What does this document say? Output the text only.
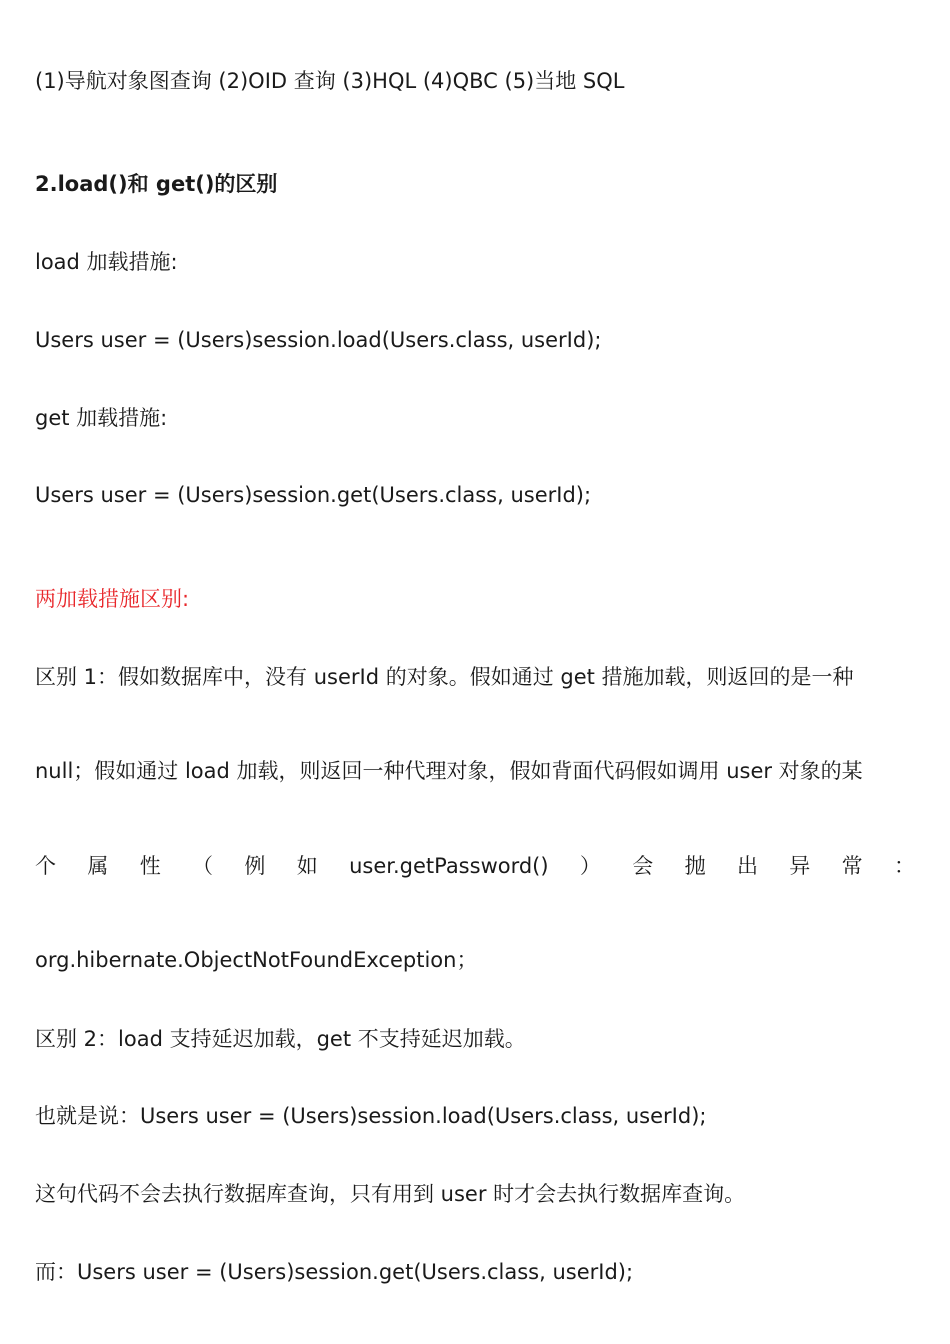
(1)导航对象图查询 (2)OID 查询 (3)HQL (4)QBC (5)当地 SQL
2.load()和 get()的区别
load 加载措施:
Users user = (Users)session.load(Users.class, userId);
get 加载措施:
Users user = (Users)session.get(Users.class, userId);
两加载措施区别:
区别 1：假如数据库中，没有 userId 的对象。假如通过 get 措施加载，则返回的是一种
null；假如通过 load 加载，则返回一种代理对象，假如背面代码假如调用 user 对象的某
个 属 性 （ 例 如 user.getPassword() ） 会 抛 出 异 常 ：
org.hibernate.ObjectNotFoundException；
区别 2：load 支持延迟加载，get 不支持延迟加载。
也就是说：Users user = (Users)session.load(Users.class, userId);
这句代码不会去执行数据库查询，只有用到 user 时才会去执行数据库查询。
而：Users user = (Users)session.get(Users.class, userId);
